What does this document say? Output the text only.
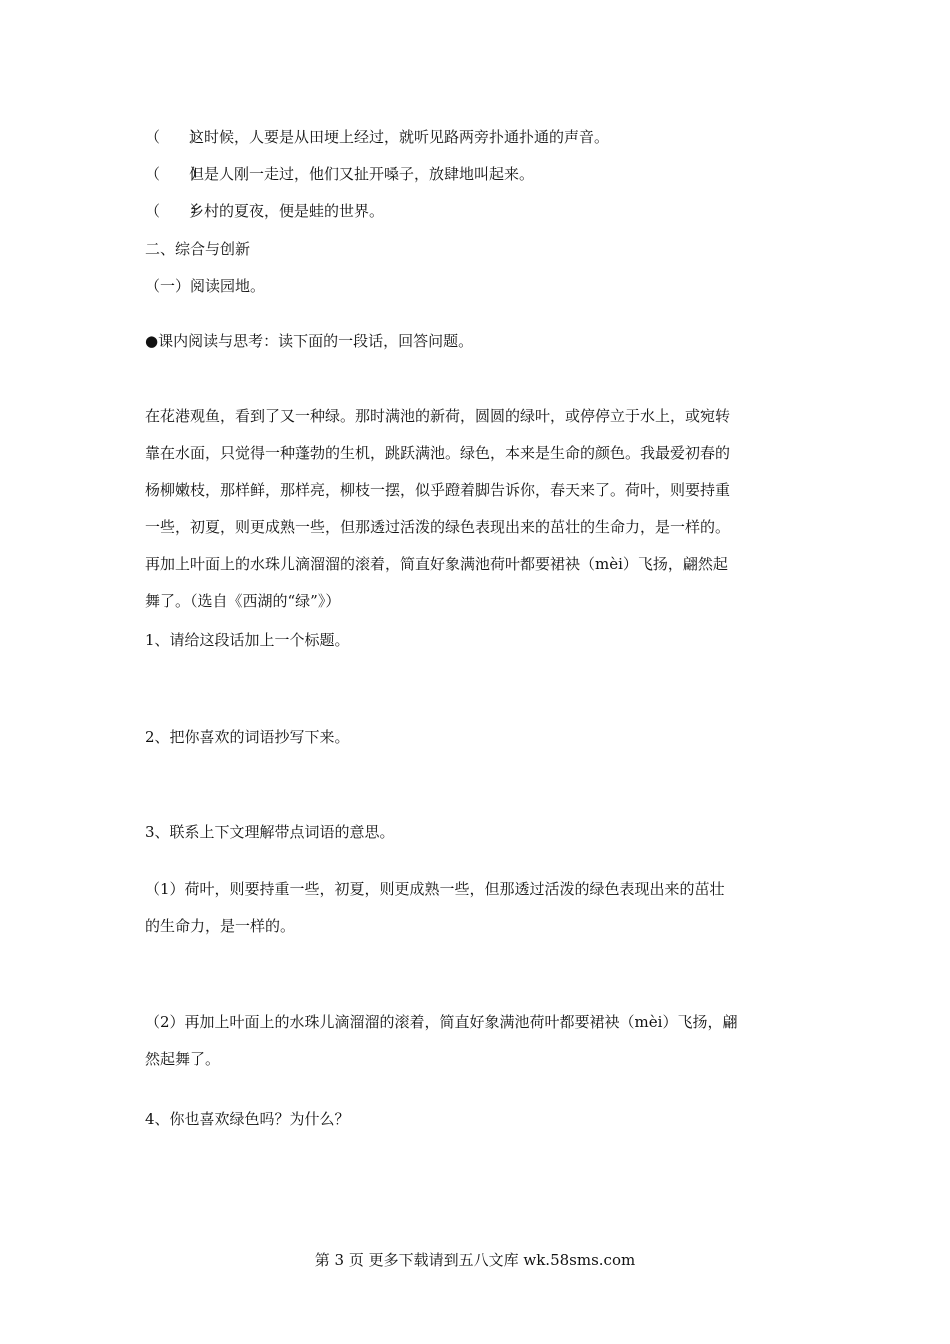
（　　）这时候，人要是从田埂上经过，就听见路两旁扑通扑通的声音。
（　　）但是人刚一走过，他们又扯开嗓子，放肆地叫起来。
（　　）乡村的夏夜，便是蛙的世界。
二、综合与创新
（一）阅读园地。
●课内阅读与思考：读下面的一段话，回答问题。
在花港观鱼，看到了又一种绿。那时满池的新荷，圆圆的绿叶，或停停立于水上，或宛转
靠在水面，只觉得一种蓬勃的生机，跳跃满池。绿色，本来是生命的颜色。我最爱初春的
杨柳嫩枝，那样鲜，那样亮，柳枝一摆，似乎蹬着脚告诉你，春天来了。荷叶，则要持重
一些，初夏，则更成熟一些，但那透过活泼的绿色表现出来的茁壮的生命力，是一样的。
再加上叶面上的水珠儿滴溜溜的滚着，简直好象满池荷叶都要裙袂（mèi）飞扬，翩然起
舞了。（选自《西湖的“绿”》）
1、请给这段话加上一个标题。
2、把你喜欢的词语抄写下来。
3、联系上下文理解带点词语的意思。
（1）荷叶，则要持重一些，初夏，则更成熟一些，但那透过活泼的绿色表现出来的茁壮
的生命力，是一样的。
（2）再加上叶面上的水珠儿滴溜溜的滚着，简直好象满池荷叶都要裙袂（mèi）飞扬，翩
然起舞了。
4、你也喜欢绿色吗？为什么？
第 3 页 更多下载请到五八文库 wk.58sms.com
